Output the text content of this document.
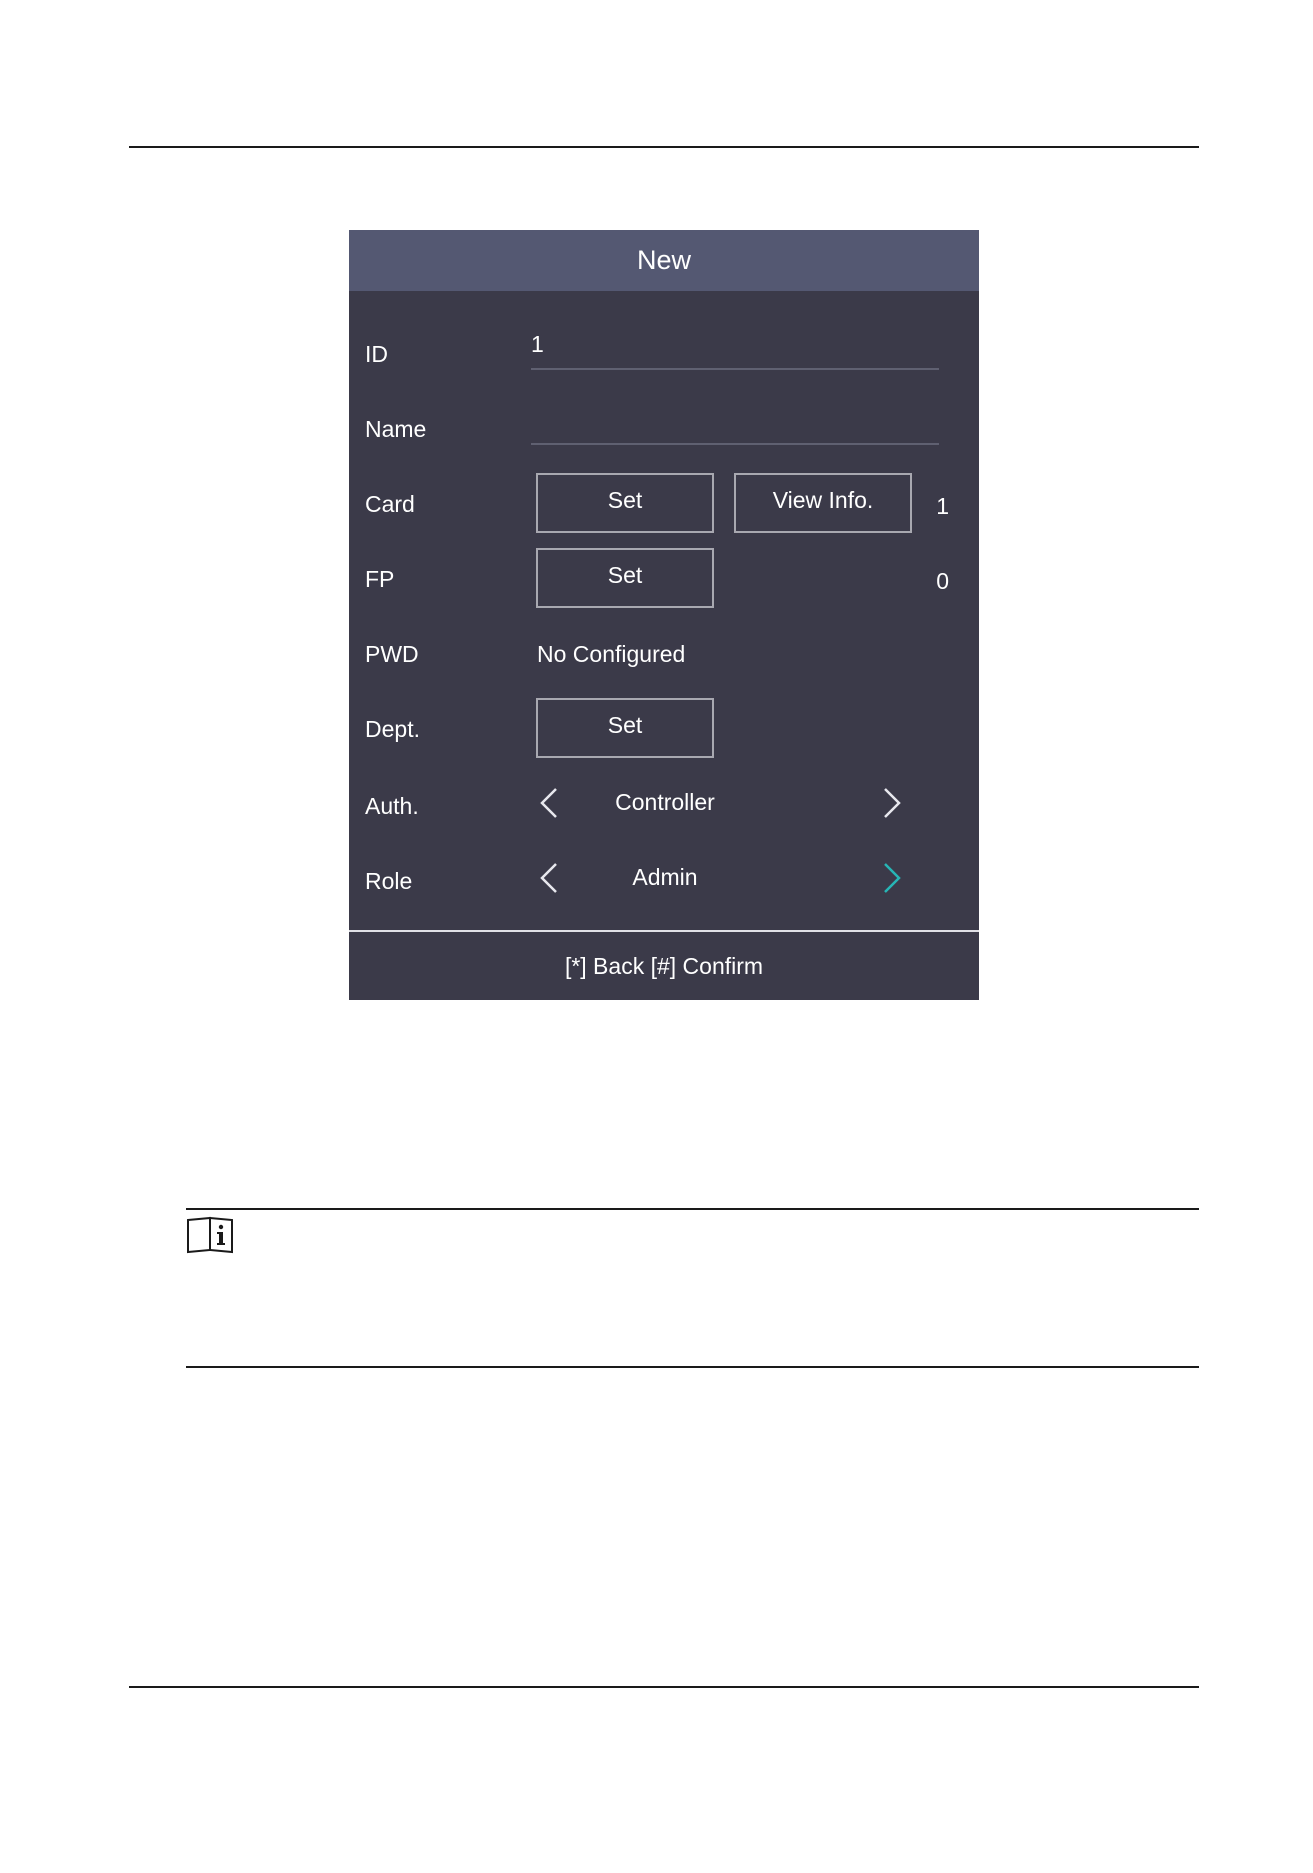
New
ID	1
Name
Card	Set	View Info.	1
FP	Set	0
PWD	No Configured
Dept.	Set
Auth.	Controller
Role	Admin
[*] Back [#] Confirm
